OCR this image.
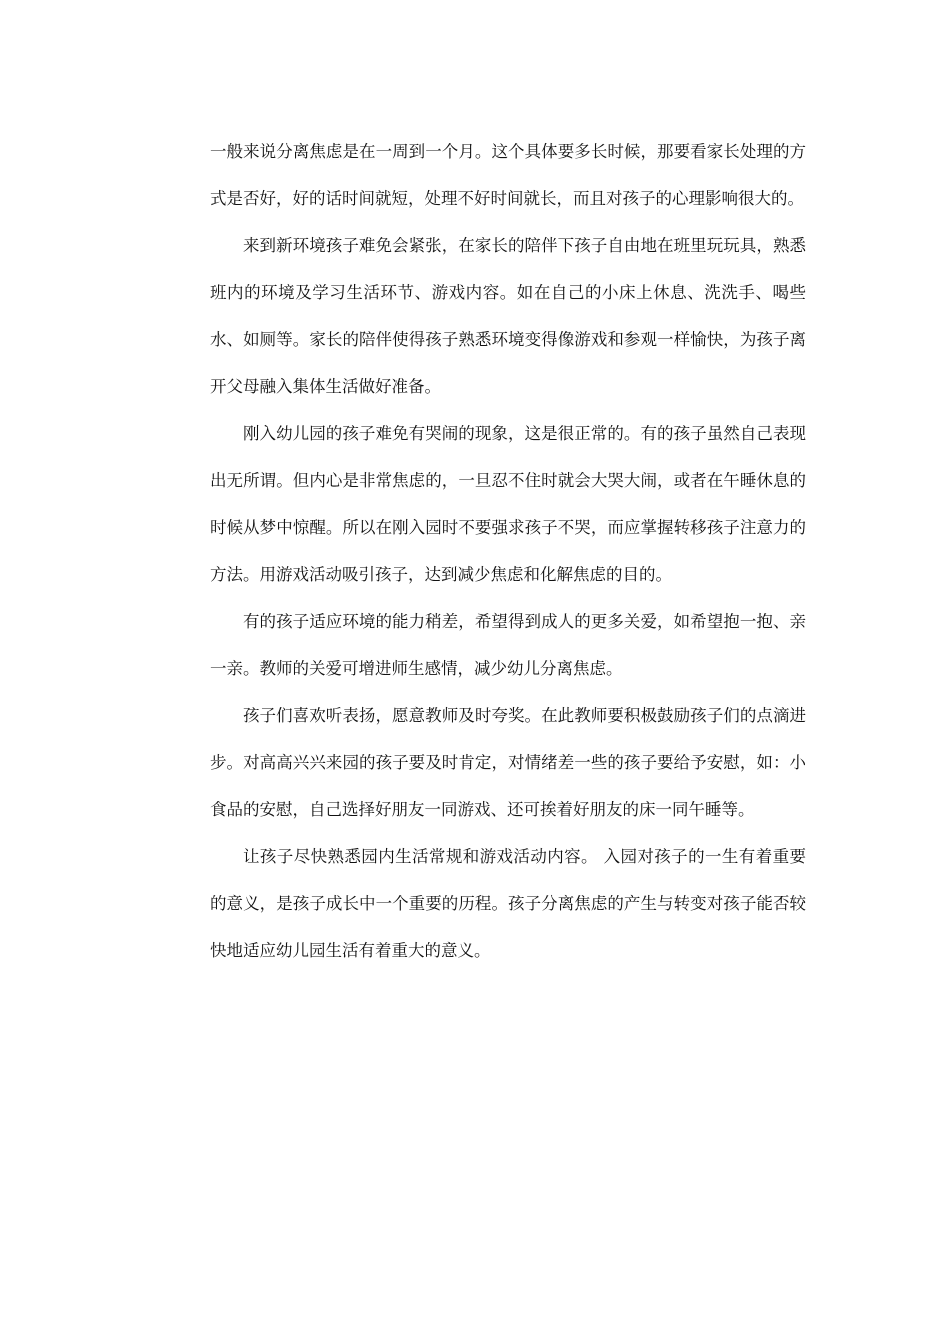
一般来说分离焦虑是在一周到一个月。这个具体要多长时候，那要看家长处理的方式是否好，好的话时间就短，处理不好时间就长，而且对孩子的心理影响很大的。

来到新环境孩子难免会紧张，在家长的陪伴下孩子自由地在班里玩玩具，熟悉班内的环境及学习生活环节、游戏内容。如在自己的小床上休息、洗洗手、喝些水、如厕等。家长的陪伴使得孩子熟悉环境变得像游戏和参观一样愉快，为孩子离开父母融入集体生活做好准备。

刚入幼儿园的孩子难免有哭闹的现象，这是很正常的。有的孩子虽然自己表现出无所谓。但内心是非常焦虑的，一旦忍不住时就会大哭大闹，或者在午睡休息的时候从梦中惊醒。所以在刚入园时不要强求孩子不哭，而应掌握转移孩子注意力的方法。用游戏活动吸引孩子，达到减少焦虑和化解焦虑的目的。

有的孩子适应环境的能力稍差，希望得到成人的更多关爱，如希望抱一抱、亲一亲。教师的关爱可增进师生感情，减少幼儿分离焦虑。

孩子们喜欢听表扬，愿意教师及时夸奖。在此教师要积极鼓励孩子们的点滴进步。对高高兴兴来园的孩子要及时肯定，对情绪差一些的孩子要给予安慰，如：小食品的安慰，自己选择好朋友一同游戏、还可挨着好朋友的床一同午睡等。

让孩子尽快熟悉园内生活常规和游戏活动内容。 入园对孩子的一生有着重要的意义，是孩子成长中一个重要的历程。孩子分离焦虑的产生与转变对孩子能否较快地适应幼儿园生活有着重大的意义。
